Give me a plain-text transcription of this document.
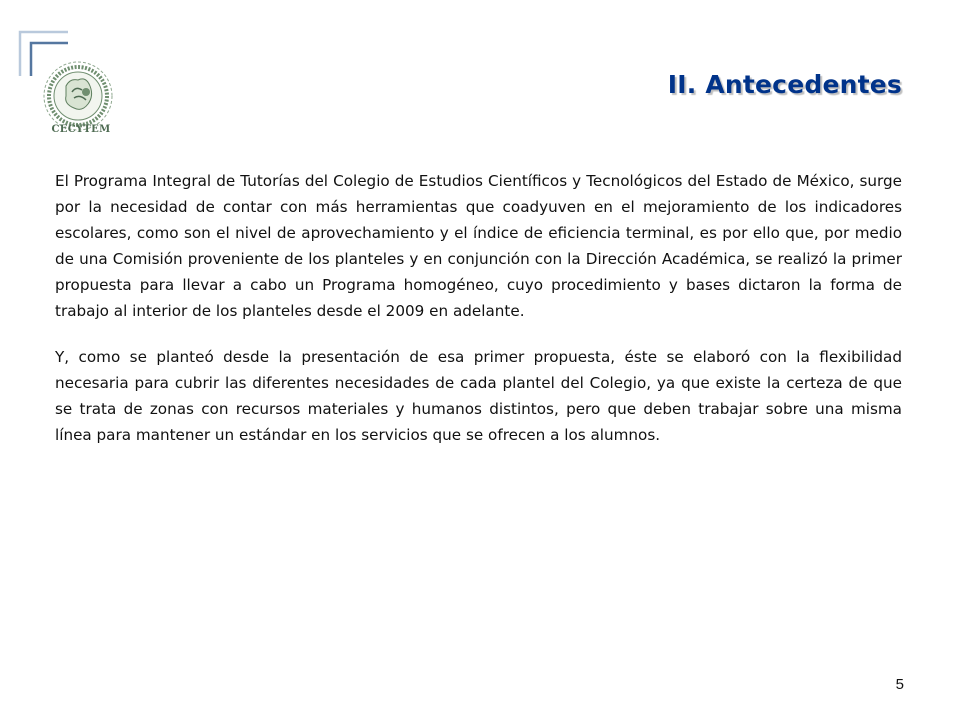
CECYTEM
II. Antecedentes

El Programa Integral de Tutorías del Colegio de Estudios Científicos y Tecnológicos del Estado de México, surge por la necesidad de contar con más herramientas que coadyuven en el mejoramiento de los indicadores escolares, como son el nivel de aprovechamiento y el índice de eficiencia terminal, es por ello que, por medio de una Comisión proveniente de los planteles y en conjunción con la Dirección Académica, se realizó la primer propuesta para llevar a cabo un Programa homogéneo, cuyo procedimiento y bases dictaron la forma de trabajo al interior de los planteles desde el 2009 en adelante.

Y, como se planteó desde la presentación de esa primer propuesta, éste se elaboró con la flexibilidad necesaria para cubrir las diferentes necesidades de cada plantel del Colegio, ya que existe la certeza de que se trata de zonas con recursos materiales y humanos distintos, pero que deben trabajar sobre una misma línea para mantener un estándar en los servicios que se ofrecen a los alumnos.

5
